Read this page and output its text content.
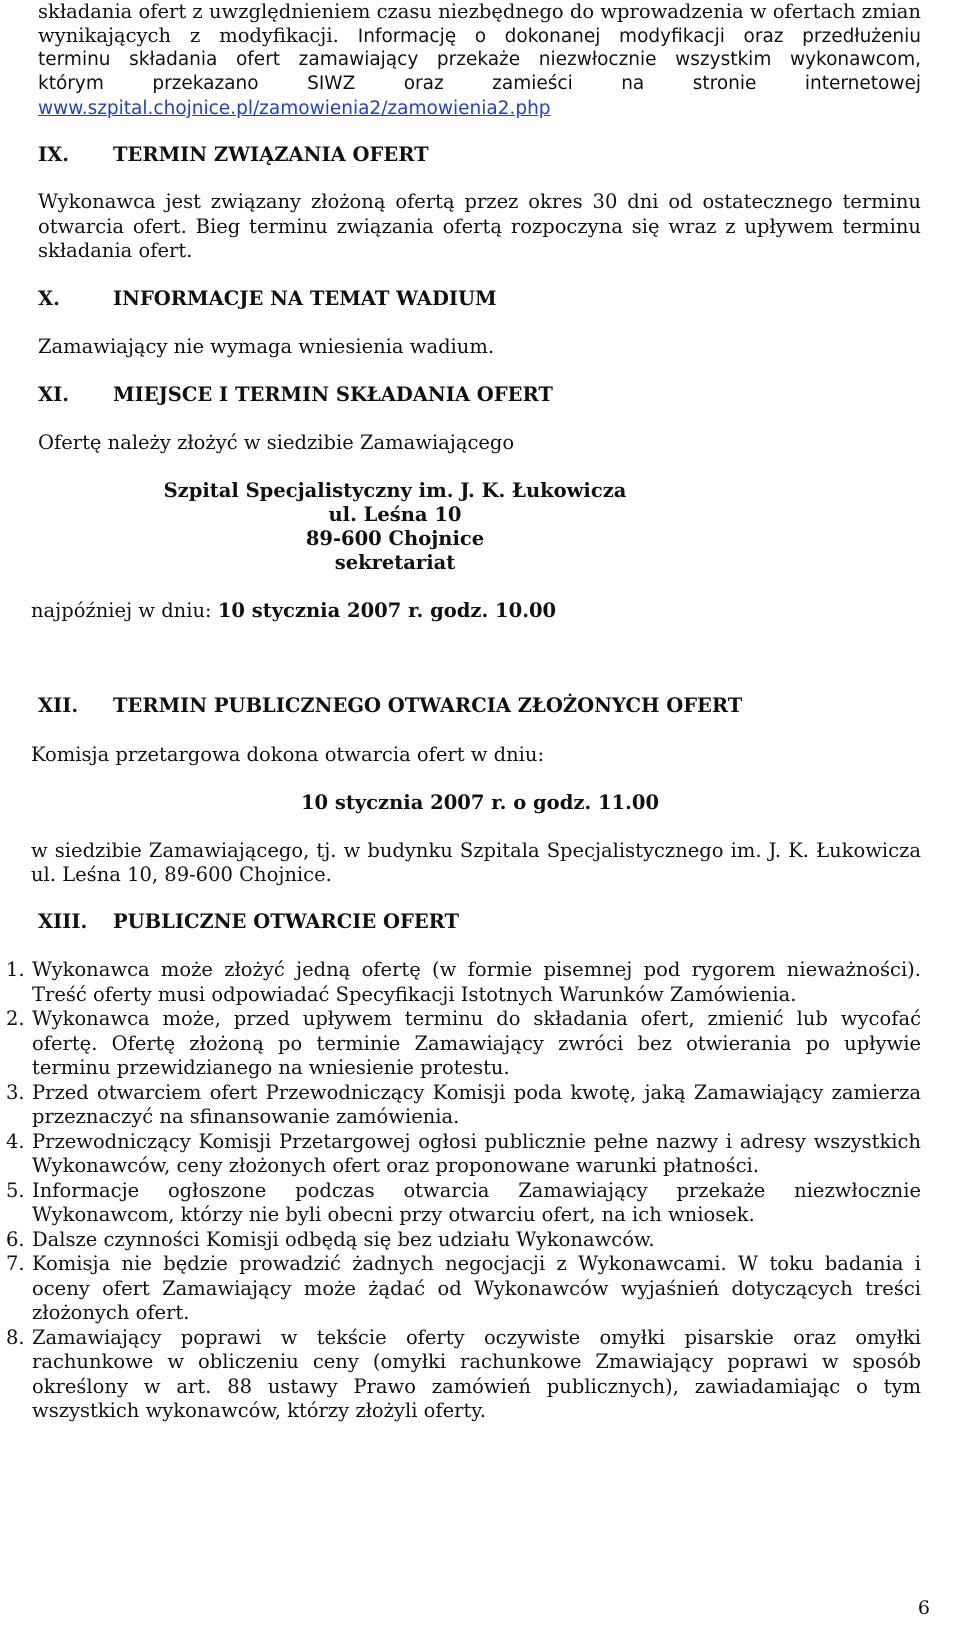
składania ofert z uwzględnieniem czasu niezbędnego do wprowadzenia w ofertach zmian
wynikających z modyfikacji. Informację o dokonanej modyfikacji oraz przedłużeniu
terminu składania ofert zamawiający przekaże niezwłocznie wszystkim wykonawcom,
którym przekazano SIWZ oraz zamieści na stronie internetowej
www.szpital.chojnice.pl/zamowienia2/zamowienia2.php
IX. TERMIN ZWIĄZANIA OFERT
Wykonawca jest związany złożoną ofertą przez okres 30 dni od ostatecznego terminu
otwarcia ofert. Bieg terminu związania ofertą rozpoczyna się wraz z upływem terminu
składania ofert.
X.	INFORMACJE NA TEMAT WADIUM
Zamawiający nie wymaga wniesienia wadium.
XI. MIEJSCE I TERMIN SKŁADANIA OFERT
Ofertę należy złożyć w siedzibie Zamawiającego
Szpital Specjalistyczny im. J. K. Łukowicza
ul. Leśna 10
89-600 Chojnice
sekretariat
najpóźniej w dniu: 10 stycznia 2007 r. godz. 10.00
XII. TERMIN PUBLICZNEGO OTWARCIA ZŁOŻONYCH OFERT
Komisja przetargowa dokona otwarcia ofert w dniu:
10 stycznia 2007 r. o godz. 11.00
w siedzibie Zamawiającego, tj. w budynku Szpitala Specjalistycznego im. J. K. Łukowicza
ul. Leśna 10, 89-600 Chojnice.
XIII. PUBLICZNE OTWARCIE OFERT
1. Wykonawca może złożyć jedną ofertę (w formie pisemnej pod rygorem nieważności). Treść oferty musi odpowiadać Specyfikacji Istotnych Warunków Zamówienia.
2. Wykonawca może, przed upływem terminu do składania ofert, zmienić lub wycofać ofertę. Ofertę złożoną po terminie Zamawiający zwróci bez otwierania po upływie terminu przewidzianego na wniesienie protestu.
3. Przed otwarciem ofert Przewodniczący Komisji poda kwotę, jaką Zamawiający zamierza przeznaczyć na sfinansowanie zamówienia.
4. Przewodniczący Komisji Przetargowej ogłosi publicznie pełne nazwy i adresy wszystkich Wykonawców, ceny złożonych ofert oraz proponowane warunki płatności.
5. Informacje ogłoszone podczas otwarcia Zamawiający przekaże niezwłocznie Wykonawcom, którzy nie byli obecni przy otwarciu ofert, na ich wniosek.
6. Dalsze czynności Komisji odbędą się bez udziału Wykonawców.
7. Komisja nie będzie prowadzić żadnych negocjacji z Wykonawcami. W toku badania i oceny ofert Zamawiający może żądać od Wykonawców wyjaśnień dotyczących treści złożonych ofert.
8. Zamawiający poprawi w tekście oferty oczywiste omyłki pisarskie oraz omyłki rachunkowe w obliczeniu ceny (omyłki rachunkowe Zmawiający poprawi w sposób określony w art. 88 ustawy Prawo zamówień publicznych), zawiadamiając o tym wszystkich wykonawców, którzy złożyli oferty.
6
